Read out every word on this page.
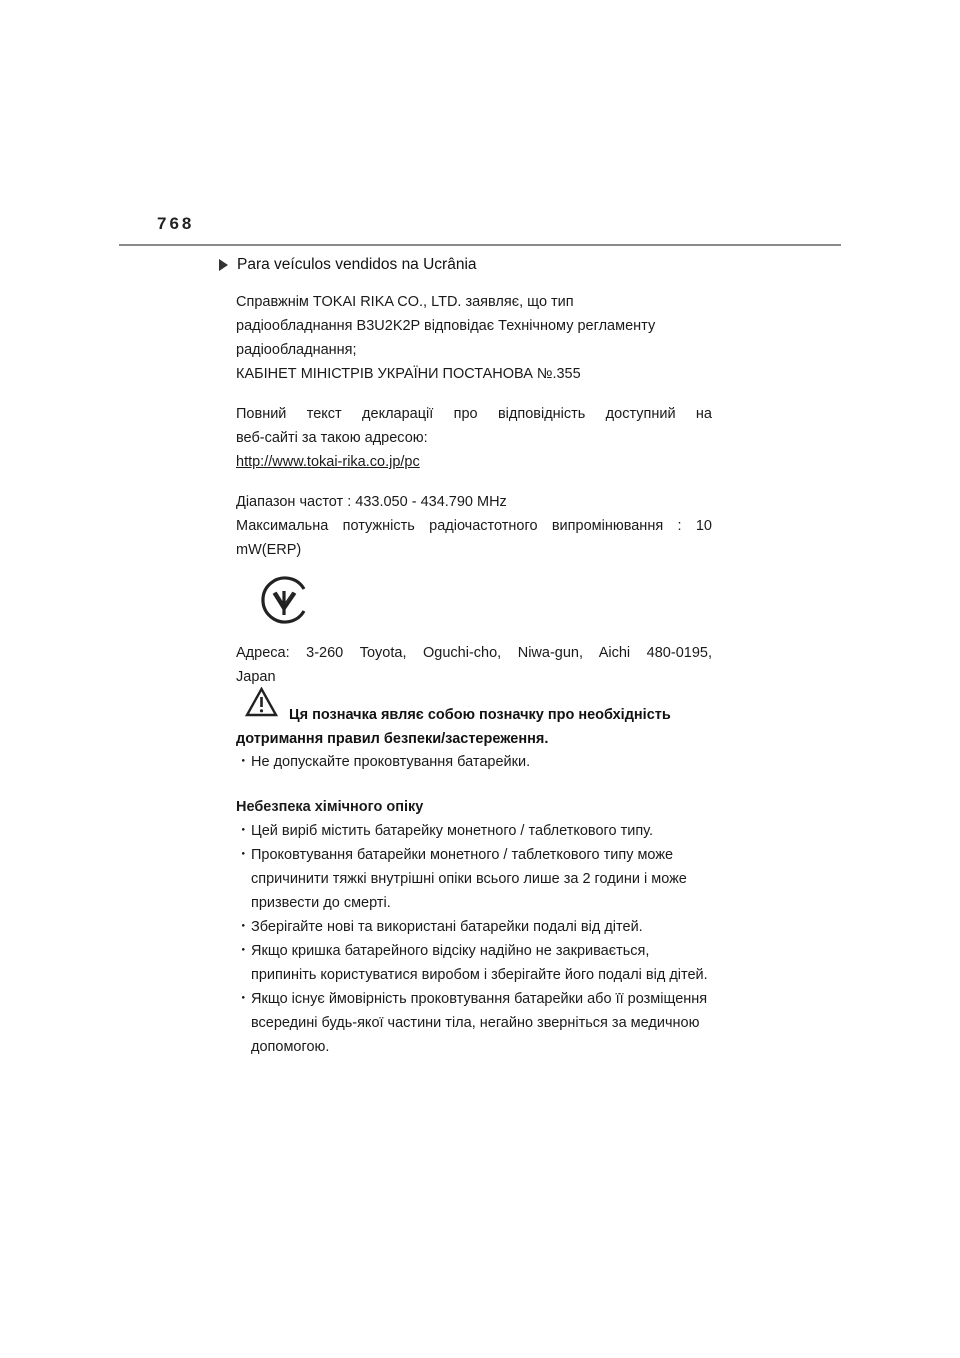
768
Para veículos vendidos na Ucrânia

Справжнім TOKAI RIKA CO., LTD. заявляє, що тип

радіообладнання B3U2K2P відповідає Технічному регламенту

радіообладнання;

КАБІНЕТ МІНІСТРІВ УКРАЇНИ ПОСТАНОВА №.355

Повний текст декларації про відповідність доступний на

веб-сайті за такою адресою:

http://www.tokai-rika.co.jp/pc

Діапазон частот : 433.050 - 434.790 MHz

Максимальна потужність радіочастотного випромінювання : 10

mW(ERP)

Адреса: 3-260 Toyota, Oguchi-cho, Niwa-gun, Aichi 480-0195,

Japan

Ця позначка являє собою позначку про необхідність

дотримання правил безпеки/застереження.

・ Не допускайте проковтування батарейки.

Небезпека хімічного опіку

・ Цей виріб містить батарейку монетного / таблеткового типу.
・ Проковтування батарейки монетного / таблеткового типу може спричинити тяжкі внутрішні опіки всього лише за 2 години і може призвести до смерті.
・ Зберігайте нові та використані батарейки подалі від дітей.
・ Якщо кришка батарейного відсіку надійно не закривається, припиніть користуватися виробом і зберігайте його подалі від дітей.
・ Якщо існує ймовірність проковтування батарейки або її розміщення всередині будь-якої частини тіла, негайно зверніться за медичною допомогою.
